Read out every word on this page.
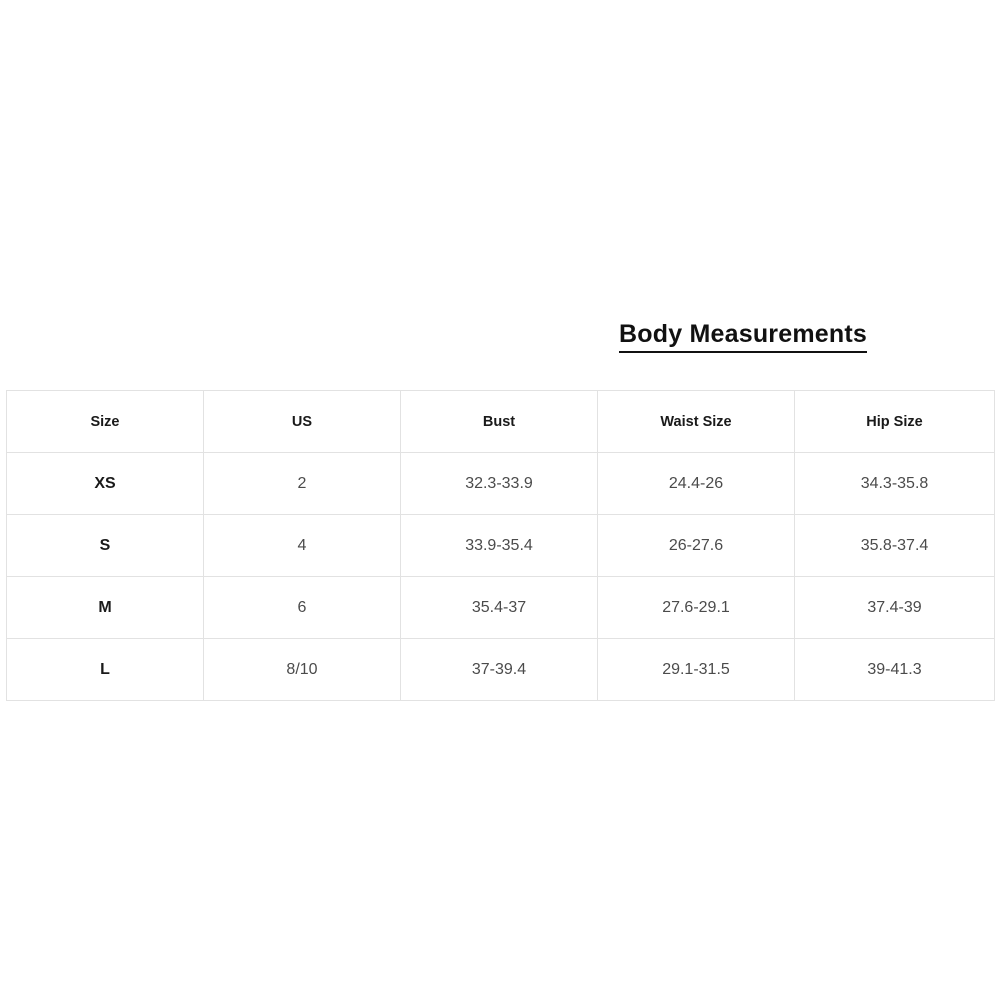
Body Measurements
Size	US	Bust	Waist Size	Hip Size
XS	2	32.3-33.9	24.4-26	34.3-35.8
S	4	33.9-35.4	26-27.6	35.8-37.4
M	6	35.4-37	27.6-29.1	37.4-39
L	8/10	37-39.4	29.1-31.5	39-41.3
